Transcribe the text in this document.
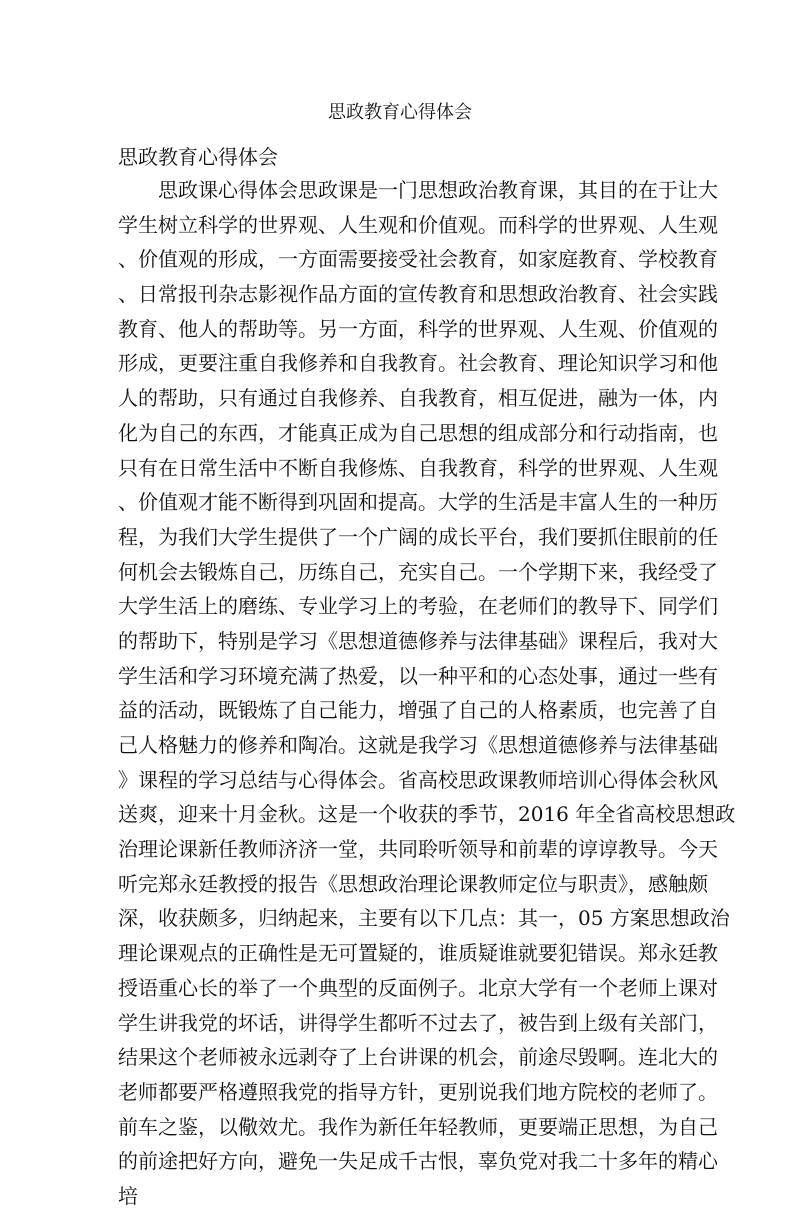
思政教育心得体会
思政教育心得体会
思政课心得体会思政课是一门思想政治教育课，其目的在于让大
学生树立科学的世界观、人生观和价值观。而科学的世界观、人生观
、价值观的形成，一方面需要接受社会教育，如家庭教育、学校教育
、日常报刊杂志影视作品方面的宣传教育和思想政治教育、社会实践
教育、他人的帮助等。另一方面，科学的世界观、人生观、价值观的
形成，更要注重自我修养和自我教育。社会教育、理论知识学习和他
人的帮助，只有通过自我修养、自我教育，相互促进，融为一体，内
化为自己的东西，才能真正成为自己思想的组成部分和行动指南，也
只有在日常生活中不断自我修炼、自我教育，科学的世界观、人生观
、价值观才能不断得到巩固和提高。大学的生活是丰富人生的一种历
程，为我们大学生提供了一个广阔的成长平台，我们要抓住眼前的任
何机会去锻炼自己，历练自己，充实自己。一个学期下来，我经受了
大学生活上的磨练、专业学习上的考验，在老师们的教导下、同学们
的帮助下，特别是学习《思想道德修养与法律基础》课程后，我对大
学生活和学习环境充满了热爱，以一种平和的心态处事，通过一些有
益的活动，既锻炼了自己能力，增强了自己的人格素质，也完善了自
己人格魅力的修养和陶冶。这就是我学习《思想道德修养与法律基础
》课程的学习总结与心得体会。省高校思政课教师培训心得体会秋风
送爽，迎来十月金秋。这是一个收获的季节，2016 年全省高校思想政
治理论课新任教师济济一堂，共同聆听领导和前辈的谆谆教导。今天
听完郑永廷教授的报告《思想政治理论课教师定位与职责》，感触颇
深，收获颇多，归纳起来，主要有以下几点：其一，05 方案思想政治
理论课观点的正确性是无可置疑的，谁质疑谁就要犯错误。郑永廷教
授语重心长的举了一个典型的反面例子。北京大学有一个老师上课对
学生讲我党的坏话，讲得学生都听不过去了，被告到上级有关部门，
结果这个老师被永远剥夺了上台讲课的机会，前途尽毁啊。连北大的
老师都要严格遵照我党的指导方针，更别说我们地方院校的老师了。
前车之鉴，以儆效尤。我作为新任年轻教师，更要端正思想，为自己
的前途把好方向，避免一失足成千古恨，辜负党对我二十多年的精心
培
